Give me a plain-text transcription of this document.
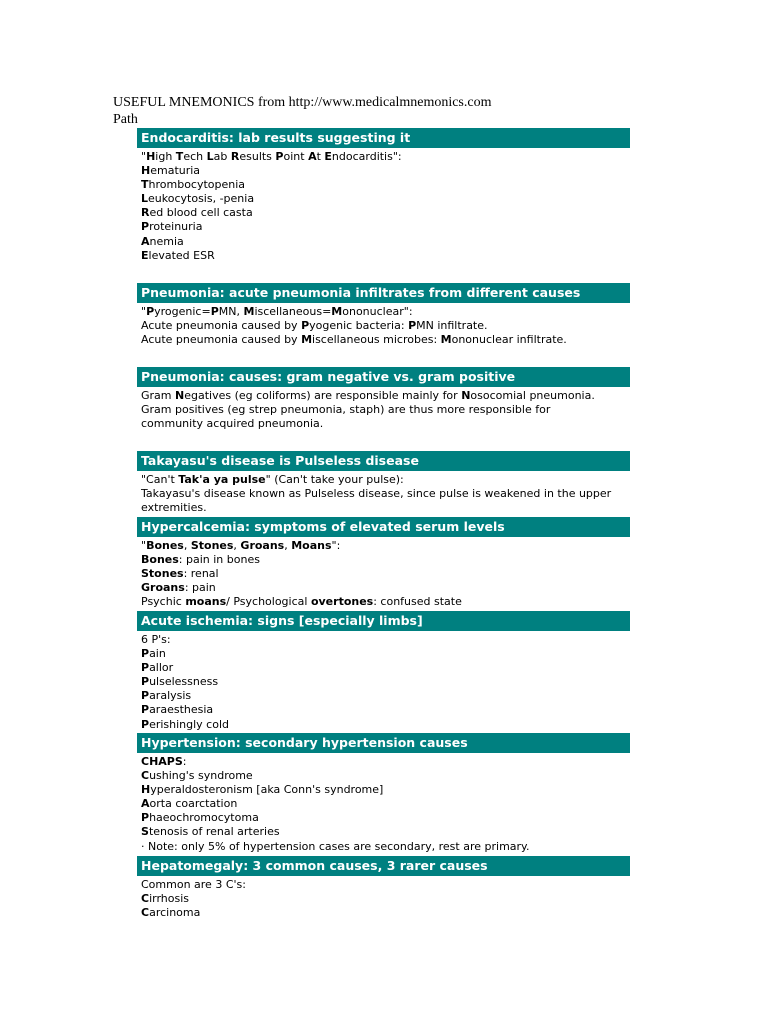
USEFUL MNEMONICS from http://www.medicalmnemonics.com
Path
Endocarditis: lab results suggesting it
"High Tech Lab Results Point At Endocarditis":
Hematuria
Thrombocytopenia
Leukocytosis, -penia
Red blood cell casta
Proteinuria
Anemia
Elevated ESR
Pneumonia: acute pneumonia infiltrates from different causes
"Pyrogenic=PMN, Miscellaneous=Mononuclear":
Acute pneumonia caused by Pyogenic bacteria: PMN infiltrate.
Acute pneumonia caused by Miscellaneous microbes: Mononuclear infiltrate.
Pneumonia: causes: gram negative vs. gram positive
Gram Negatives (eg coliforms) are responsible mainly for Nosocomial pneumonia.
Gram positives (eg strep pneumonia, staph) are thus more responsible for
community acquired pneumonia.
Takayasu's disease is Pulseless disease
"Can't Tak'a ya pulse" (Can't take your pulse):
Takayasu's disease known as Pulseless disease, since pulse is weakened in the upper
extremities.
Hypercalcemia: symptoms of elevated serum levels
"Bones, Stones, Groans, Moans":
Bones: pain in bones
Stones: renal
Groans: pain
Psychic moans/ Psychological overtones: confused state
Acute ischemia: signs [especially limbs]
6 P's:
Pain
Pallor
Pulselessness
Paralysis
Paraesthesia
Perishingly cold
Hypertension: secondary hypertension causes
CHAPS:
Cushing's syndrome
Hyperaldosteronism [aka Conn's syndrome]
Aorta coarctation
Phaeochromocytoma
Stenosis of renal arteries
· Note: only 5% of hypertension cases are secondary, rest are primary.
Hepatomegaly: 3 common causes, 3 rarer causes
Common are 3 C's:
Cirrhosis
Carcinoma
